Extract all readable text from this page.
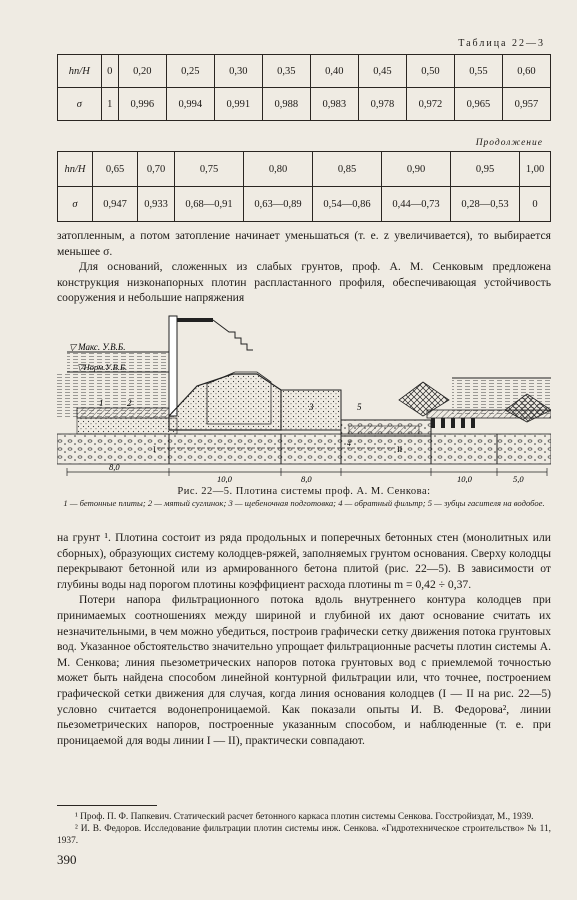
Таблица 22—3
hп/H	0	0,20	0,25	0,30	0,35	0,40	0,45	0,50	0,55	0,60
σ	1	0,996	0,994	0,991	0,988	0,983	0,978	0,972	0,965	0,957
Продолжение
hп/H	0,65	0,70	0,75	0,80	0,85	0,90	0,95	1,00
σ	0,947	0,933	0,68—0,91	0,63—0,89	0,54—0,86	0,44—0,73	0,28—0,53	0

затопленным, а потом затопление начинает уменьшаться (т. е. z увеличивается), то выбирается меньшее σ.

Для оснований, сложенных из слабых грунтов, проф. А. М. Сенковым предложена конструкция низконапорных плотин распластанного профиля, обеспечивающая устойчивость сооружения и небольшие напряжения

▽ Макс. У.В.Б.
▽Норм.У.В.Б.
1	2	3	5
I	II
8,0
10,0	8,0	10,0	5,0
Рис. 22—5. Плотина системы проф. А. М. Сенкова:
1 — бетонные плиты; 2 — мятый суглинок; 3 — щебеночная подготовка; 4 — обратный фильтр; 5 — зубцы гасителя на водобое.

на грунт ¹. Плотина состоит из ряда продольных и поперечных бетонных стен (монолитных или сборных), образующих систему колодцев-ряжей, заполняемых грунтом основания. Сверху колодцы перекрывают бетонной или из армированного бетона плитой (рис. 22—5). В зависимости от глубины воды над порогом плотины коэффициент расхода плотины m = 0,42 ÷ 0,37.

Потери напора фильтрационного потока вдоль внутреннего контура колодцев при принимаемых соотношениях между шириной и глубиной их дают основание считать их незначительными, в чем можно убедиться, построив графически сетку движения потока грунтовых вод. Указанное обстоятельство значительно упрощает фильтрационные расчеты плотин системы А. М. Сенкова; линия пьезометрических напоров потока грунтовых вод с приемлемой точностью может быть найдена способом линейной контурной фильтрации или, что точнее, построением графической сетки движения для случая, когда линия основания колодцев (I — II на рис. 22—5) условно считается водонепроницаемой. Как показали опыты И. В. Федорова², линии пьезометрических напоров, построенные указанным способом, и наблюденные (т. е. при проницаемой для воды линии I — II), практически совпадают.

¹ Проф. П. Ф. Папкевич. Статический расчет бетонного каркаса плотин системы Сенкова. Госстройиздат, М., 1939.

² И. В. Федоров. Исследование фильтрации плотин системы инж. Сенкова. «Гидротехническое строительство» № 11, 1937.

390
